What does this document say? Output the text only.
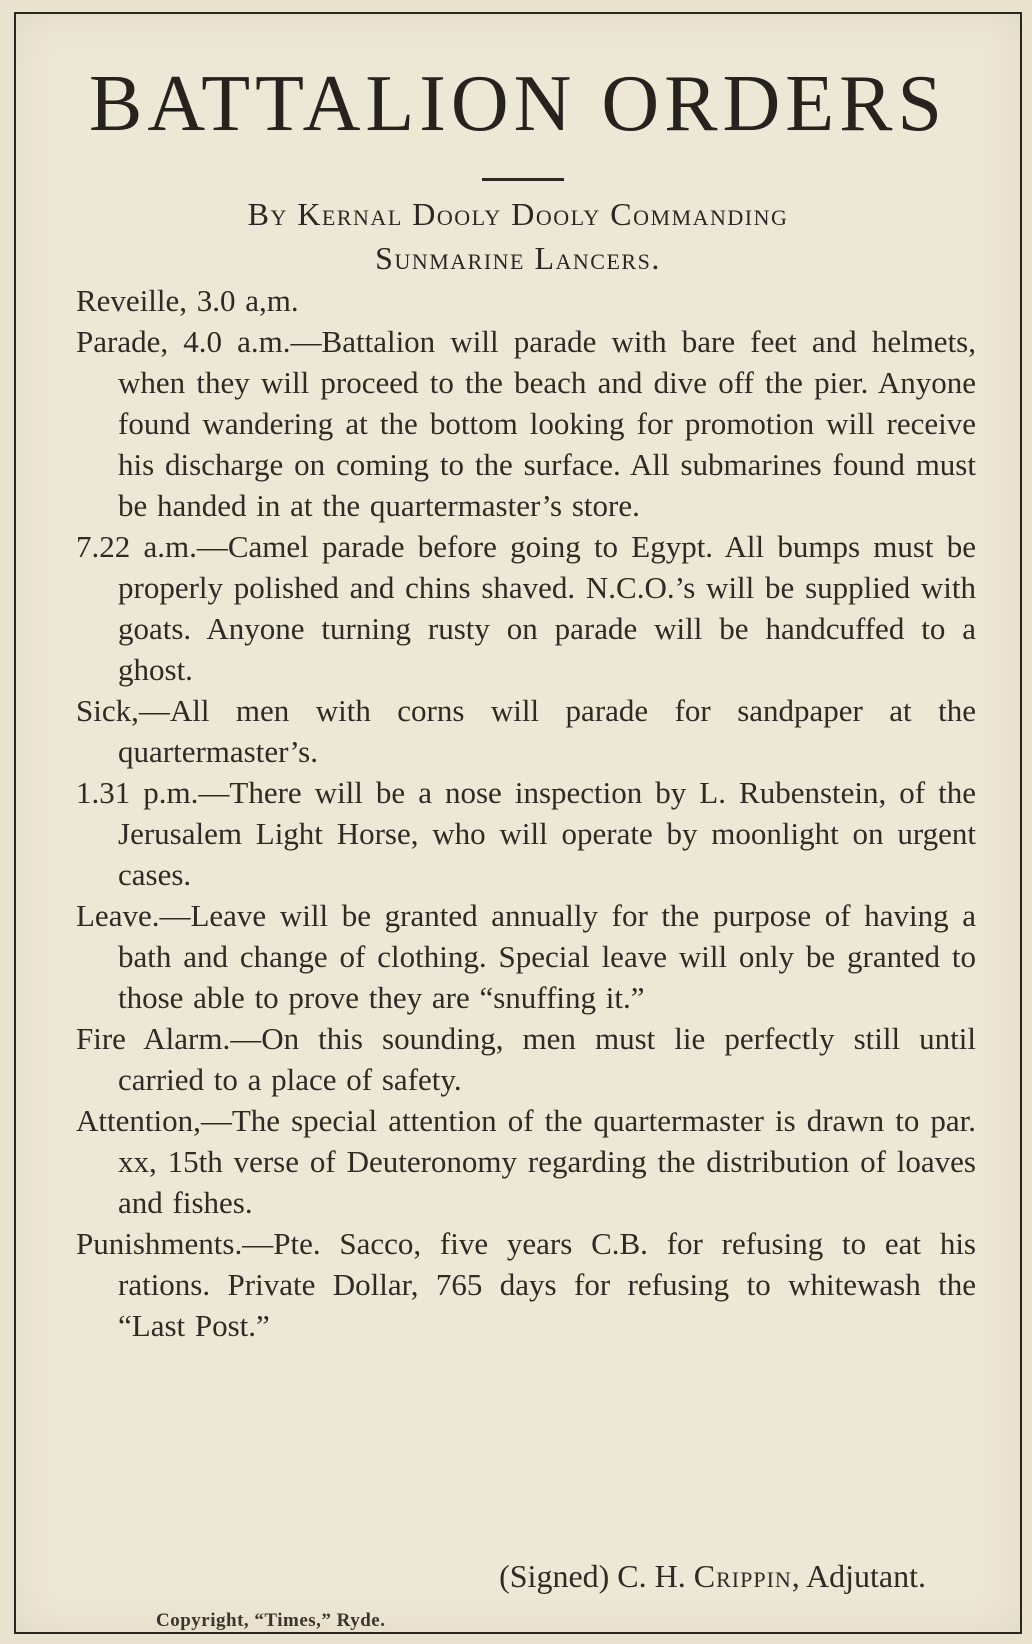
BATTALION ORDERS
By Kernal Dooly Dooly Commanding
Sunmarine Lancers.
Reveille, 3.0 a,m.
Parade, 4.0 a.m.—Battalion will parade with bare feet and helmets, when they will proceed to the beach and dive off the pier. Anyone found wandering at the bottom looking for promotion will receive his discharge on coming to the surface. All submarines found must be handed in at the quartermaster’s store.
7.22 a.m.—Camel parade before going to Egypt. All bumps must be properly polished and chins shaved. N.C.O.’s will be supplied with goats. Anyone turning rusty on parade will be handcuffed to a ghost.
Sick,—All men with corns will parade for sandpaper at the quartermaster’s.
1.31 p.m.—There will be a nose inspection by L. Rubenstein, of the Jerusalem Light Horse, who will operate by moonlight on urgent cases.
Leave.—Leave will be granted annually for the purpose of having a bath and change of clothing. Special leave will only be granted to those able to prove they are “snuffing it.”
Fire Alarm.—On this sounding, men must lie perfectly still until carried to a place of safety.
Attention,—The special attention of the quartermaster is drawn to par. xx, 15th verse of Deuteronomy regarding the distribution of loaves and fishes.
Punishments.—Pte. Sacco, five years C.B. for refusing to eat his rations. Private Dollar, 765 days for refusing to whitewash the “Last Post.”
(Signed) C. H. Crippin, Adjutant.
Copyright, “Times,” Ryde.
